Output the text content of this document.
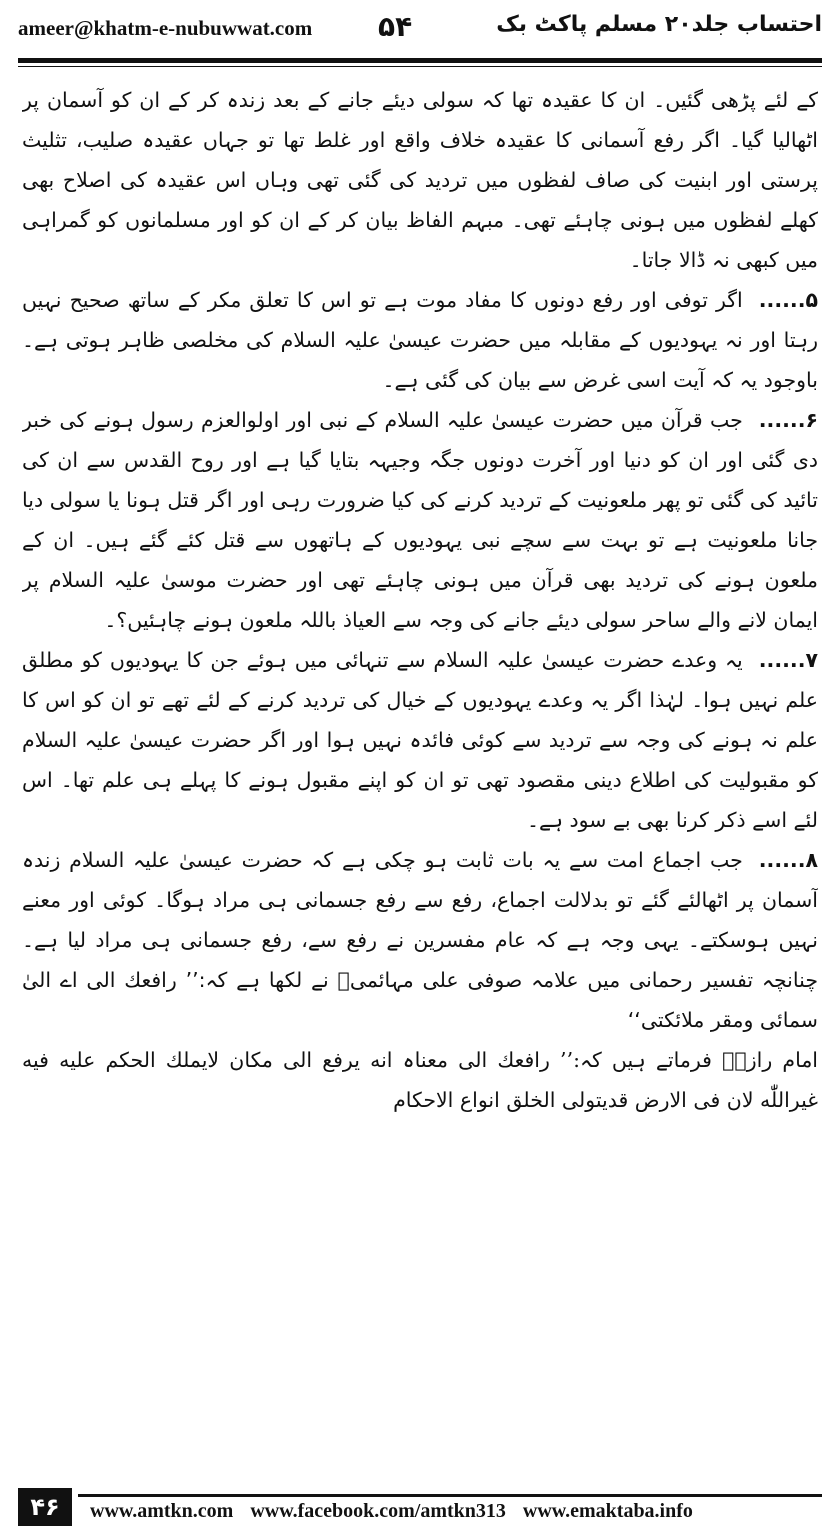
ameer@khatm-e-nubuwwat.com ۵۴	احتساب جلد۲۰ مسلم پاکٹ بک

کے لئے پڑھی گئیں۔ ان کا عقیدہ تھا کہ سولی دیئے جانے کے بعد زندہ کر کے ان کو آسمان پر اٹھالیا گیا۔ اگر رفع آسمانی کا عقیدہ خلاف واقع اور غلط تھا تو جہاں عقیدہ صلیب، تثلیث پرستی اور ابنیت کی صاف لفظوں میں تردید کی گئی تھی وہاں اس عقیدہ کی اصلاح بھی کھلے لفظوں میں ہونی چاہئے تھی۔ مبہم الفاظ بیان کر کے ان کو اور مسلمانوں کو گمراہی میں کبھی نہ ڈالا جاتا۔

۵......اگر توفی اور رفع دونوں کا مفاد موت ہے تو اس کا تعلق مکر کے ساتھ صحیح نہیں رہتا اور نہ یہودیوں کے مقابلہ میں حضرت عیسیٰ علیہ السلام کی مخلصی ظاہر ہوتی ہے۔ باوجود یہ کہ آیت اسی غرض سے بیان کی گئی ہے۔

۶......جب قرآن میں حضرت عیسیٰ علیہ السلام کے نبی اور اولوالعزم رسول ہونے کی خبر دی گئی اور ان کو دنیا اور آخرت دونوں جگہ وجیہہ بتایا گیا ہے اور روح القدس سے ان کی تائید کی گئی تو پھر ملعونیت کے تردید کرنے کی کیا ضرورت رہی اور اگر قتل ہونا یا سولی دیا جانا ملعونیت ہے تو بہت سے سچے نبی یہودیوں کے ہاتھوں سے قتل کئے گئے ہیں۔ ان کے ملعون ہونے کی تردید بھی قرآن میں ہونی چاہئے تھی اور حضرت موسیٰ علیہ السلام پر ایمان لانے والے ساحر سولی دیئے جانے کی وجہ سے العیاذ باللہ ملعون ہونے چاہئیں؟۔

۷......یہ وعدے حضرت عیسیٰ علیہ السلام سے تنہائی میں ہوئے جن کا یہودیوں کو مطلق علم نہیں ہوا۔ لہٰذا اگر یہ وعدے یہودیوں کے خیال کی تردید کرنے کے لئے تھے تو ان کو اس کا علم نہ ہونے کی وجہ سے تردید سے کوئی فائدہ نہیں ہوا اور اگر حضرت عیسیٰ علیہ السلام کو مقبولیت کی اطلاع دینی مقصود تھی تو ان کو اپنے مقبول ہونے کا پہلے ہی علم تھا۔ اس لئے اسے ذکر کرنا بھی بے سود ہے۔

۸......جب اجماع امت سے یہ بات ثابت ہو چکی ہے کہ حضرت عیسیٰ علیہ السلام زندہ آسمان پر اٹھالئے گئے تو بدلالت اجماع، رفع سے رفع جسمانی ہی مراد ہوگا۔ کوئی اور معنے نہیں ہوسکتے۔ یہی وجہ ہے کہ عام مفسرین نے رفع سے، رفع جسمانی ہی مراد لیا ہے۔ چنانچہ تفسیر رحمانی میں علامہ صوفی علی مہائمیؒ نے لکھا ہے کہ:’’ رافعك الی اے الیٰ سمائی ومقر ملائکتی‘‘

امام رازیؒ فرماتے ہیں کہ:’’ رافعك الی معناہ انه یرفع الی مكان لایملك الحكم علیه فیه غیراللّٰه لان فی الارض قدیتولی الخلق انواع الاحكام

۴۶	www.amtkn.com www.facebook.com/amtkn313 www.emaktaba.info
